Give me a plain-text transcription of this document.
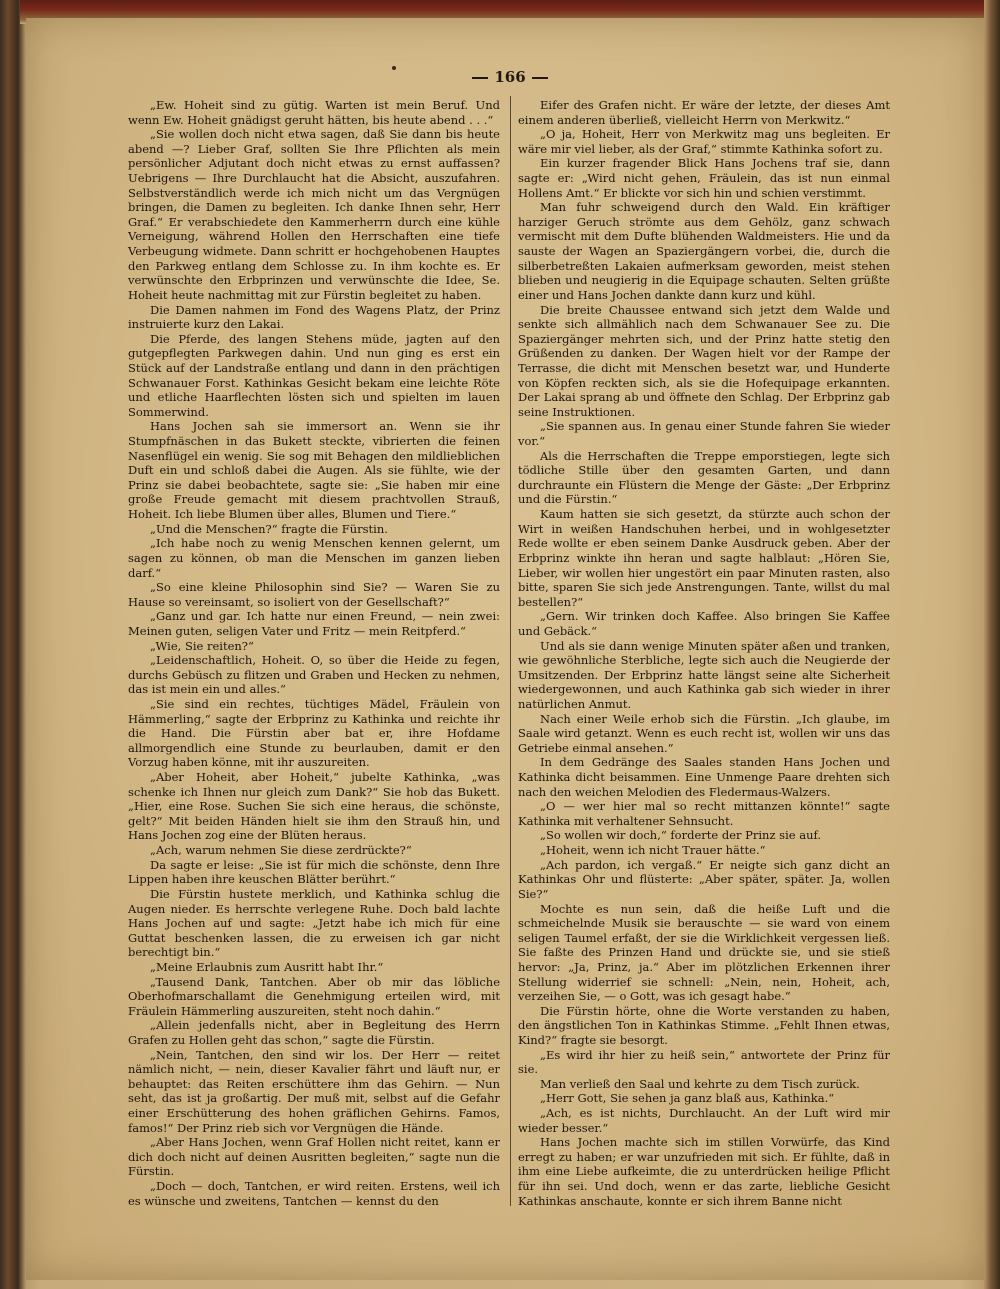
166

„Ew. Hoheit sind zu gütig. Warten ist mein Beruf. Und wenn Ew. Hoheit gnädigst geruht hätten, bis heute abend . . .“

„Sie wollen doch nicht etwa sagen, daß Sie dann bis heute abend —? Lieber Graf, sollten Sie Ihre Pflichten als mein persönlicher Adjutant doch nicht etwas zu ernst auffassen? Uebrigens — Ihre Durchlaucht hat die Absicht, auszufahren. Selbstverständlich werde ich mich nicht um das Vergnügen bringen, die Damen zu begleiten. Ich danke Ihnen sehr, Herr Graf.“ Er verabschiedete den Kammerherrn durch eine kühle Verneigung, während Hollen den Herrschaften eine tiefe Verbeugung widmete. Dann schritt er hochgehobenen Hauptes den Parkweg entlang dem Schlosse zu. In ihm kochte es. Er verwünschte den Erbprinzen und verwünschte die Idee, Se. Hoheit heute nachmittag mit zur Fürstin begleitet zu haben.

Die Damen nahmen im Fond des Wagens Platz, der Prinz instruierte kurz den Lakai.

Die Pferde, des langen Stehens müde, jagten auf den gutgepflegten Parkwegen dahin. Und nun ging es erst ein Stück auf der Landstraße entlang und dann in den prächtigen Schwanauer Forst. Kathinkas Gesicht bekam eine leichte Röte und etliche Haarflechten lösten sich und spielten im lauen Sommerwind.

Hans Jochen sah sie immersort an. Wenn sie ihr Stumpfnäschen in das Bukett steckte, vibrierten die feinen Nasenflügel ein wenig. Sie sog mit Behagen den mildlieblichen Duft ein und schloß dabei die Augen. Als sie fühlte, wie der Prinz sie dabei beobachtete, sagte sie: „Sie haben mir eine große Freude gemacht mit diesem prachtvollen Strauß, Hoheit. Ich liebe Blumen über alles, Blumen und Tiere.“

„Und die Menschen?“ fragte die Fürstin.

„Ich habe noch zu wenig Menschen kennen gelernt, um sagen zu können, ob man die Menschen im ganzen lieben darf.“

„So eine kleine Philosophin sind Sie? — Waren Sie zu Hause so vereinsamt, so isoliert von der Gesellschaft?“

„Ganz und gar. Ich hatte nur einen Freund, — nein zwei: Meinen guten, seligen Vater und Fritz — mein Reitpferd.“

„Wie, Sie reiten?“

„Leidenschaftlich, Hoheit. O, so über die Heide zu fegen, durchs Gebüsch zu flitzen und Graben und Hecken zu nehmen, das ist mein ein und alles.“

„Sie sind ein rechtes, tüchtiges Mädel, Fräulein von Hämmerling,“ sagte der Erbprinz zu Kathinka und reichte ihr die Hand. Die Fürstin aber bat er, ihre Hofdame allmorgendlich eine Stunde zu beurlauben, damit er den Vorzug haben könne, mit ihr auszureiten.

„Aber Hoheit, aber Hoheit,“ jubelte Kathinka, „was schenke ich Ihnen nur gleich zum Dank?“ Sie hob das Bukett. „Hier, eine Rose. Suchen Sie sich eine heraus, die schönste, gelt?“ Mit beiden Händen hielt sie ihm den Strauß hin, und Hans Jochen zog eine der Blüten heraus.

„Ach, warum nehmen Sie diese zerdrückte?“

Da sagte er leise: „Sie ist für mich die schönste, denn Ihre Lippen haben ihre keuschen Blätter berührt.“

Die Fürstin hustete merklich, und Kathinka schlug die Augen nieder. Es herrschte verlegene Ruhe. Doch bald lachte Hans Jochen auf und sagte: „Jetzt habe ich mich für eine Guttat beschenken lassen, die zu erweisen ich gar nicht berechtigt bin.“

„Meine Erlaubnis zum Ausritt habt Ihr.“

„Tausend Dank, Tantchen. Aber ob mir das löbliche Oberhofmarschallamt die Genehmigung erteilen wird, mit Fräulein Hämmerling auszureiten, steht noch dahin.“

„Allein jedenfalls nicht, aber in Begleitung des Herrn Grafen zu Hollen geht das schon,“ sagte die Fürstin.

„Nein, Tantchen, den sind wir los. Der Herr — reitet nämlich nicht, — nein, dieser Kavalier fährt und läuft nur, er behauptet: das Reiten erschüttere ihm das Gehirn. — Nun seht, das ist ja großartig. Der muß mit, selbst auf die Gefahr einer Erschütterung des hohen gräflichen Gehirns. Famos, famos!“ Der Prinz rieb sich vor Vergnügen die Hände.

„Aber Hans Jochen, wenn Graf Hollen nicht reitet, kann er dich doch nicht auf deinen Ausritten begleiten,“ sagte nun die Fürstin.

„Doch — doch, Tantchen, er wird reiten. Erstens, weil ich es wünsche und zweitens, Tantchen — kennst du den

Eifer des Grafen nicht. Er wäre der letzte, der dieses Amt einem anderen überließ, vielleicht Herrn von Merkwitz.“

„O ja, Hoheit, Herr von Merkwitz mag uns begleiten. Er wäre mir viel lieber, als der Graf,“ stimmte Kathinka sofort zu.

Ein kurzer fragender Blick Hans Jochens traf sie, dann sagte er: „Wird nicht gehen, Fräulein, das ist nun einmal Hollens Amt.“ Er blickte vor sich hin und schien verstimmt.

Man fuhr schweigend durch den Wald. Ein kräftiger harziger Geruch strömte aus dem Gehölz, ganz schwach vermischt mit dem Dufte blühenden Waldmeisters. Hie und da sauste der Wagen an Spaziergängern vorbei, die, durch die silberbetreßten Lakaien aufmerksam geworden, meist stehen blieben und neugierig in die Equipage schauten. Selten grüßte einer und Hans Jochen dankte dann kurz und kühl.

Die breite Chaussee entwand sich jetzt dem Walde und senkte sich allmählich nach dem Schwanauer See zu. Die Spaziergänger mehrten sich, und der Prinz hatte stetig den Grüßenden zu danken. Der Wagen hielt vor der Rampe der Terrasse, die dicht mit Menschen besetzt war, und Hunderte von Köpfen reckten sich, als sie die Hofequipage erkannten. Der Lakai sprang ab und öffnete den Schlag. Der Erbprinz gab seine Instruktionen.

„Sie spannen aus. In genau einer Stunde fahren Sie wieder vor.“

Als die Herrschaften die Treppe emporstiegen, legte sich tödliche Stille über den gesamten Garten, und dann durchraunte ein Flüstern die Menge der Gäste: „Der Erbprinz und die Fürstin.“

Kaum hatten sie sich gesetzt, da stürzte auch schon der Wirt in weißen Handschuhen herbei, und in wohlgesetzter Rede wollte er eben seinem Danke Ausdruck geben. Aber der Erbprinz winkte ihn heran und sagte halblaut: „Hören Sie, Lieber, wir wollen hier ungestört ein paar Minuten rasten, also bitte, sparen Sie sich jede Anstrengungen. Tante, willst du mal bestellen?“

„Gern. Wir trinken doch Kaffee. Also bringen Sie Kaffee und Gebäck.“

Und als sie dann wenige Minuten später aßen und tranken, wie gewöhnliche Sterbliche, legte sich auch die Neugierde der Umsitzenden. Der Erbprinz hatte längst seine alte Sicherheit wiedergewonnen, und auch Kathinka gab sich wieder in ihrer natürlichen Anmut.

Nach einer Weile erhob sich die Fürstin. „Ich glaube, im Saale wird getanzt. Wenn es euch recht ist, wollen wir uns das Getriebe einmal ansehen.“

In dem Gedränge des Saales standen Hans Jochen und Kathinka dicht beisammen. Eine Unmenge Paare drehten sich nach den weichen Melodien des Fledermaus-Walzers.

„O — wer hier mal so recht mittanzen könnte!“ sagte Kathinka mit verhaltener Sehnsucht.

„So wollen wir doch,“ forderte der Prinz sie auf.

„Hoheit, wenn ich nicht Trauer hätte.“

„Ach pardon, ich vergaß.“ Er neigte sich ganz dicht an Kathinkas Ohr und flüsterte: „Aber später, später. Ja, wollen Sie?“

Mochte es nun sein, daß die heiße Luft und die schmeichelnde Musik sie berauschte — sie ward von einem seligen Taumel erfaßt, der sie die Wirklichkeit vergessen ließ. Sie faßte des Prinzen Hand und drückte sie, und sie stieß hervor: „Ja, Prinz, ja.“ Aber im plötzlichen Erkennen ihrer Stellung widerrief sie schnell: „Nein, nein, Hoheit, ach, verzeihen Sie, — o Gott, was ich gesagt habe.“

Die Fürstin hörte, ohne die Worte verstanden zu haben, den ängstlichen Ton in Kathinkas Stimme. „Fehlt Ihnen etwas, Kind?“ fragte sie besorgt.

„Es wird ihr hier zu heiß sein,“ antwortete der Prinz für sie.

Man verließ den Saal und kehrte zu dem Tisch zurück.

„Herr Gott, Sie sehen ja ganz blaß aus, Kathinka.“

„Ach, es ist nichts, Durchlaucht. An der Luft wird mir wieder besser.“

Hans Jochen machte sich im stillen Vorwürfe, das Kind erregt zu haben; er war unzufrieden mit sich. Er fühlte, daß in ihm eine Liebe aufkeimte, die zu unterdrücken heilige Pflicht für ihn sei. Und doch, wenn er das zarte, liebliche Gesicht Kathinkas anschaute, konnte er sich ihrem Banne nicht
